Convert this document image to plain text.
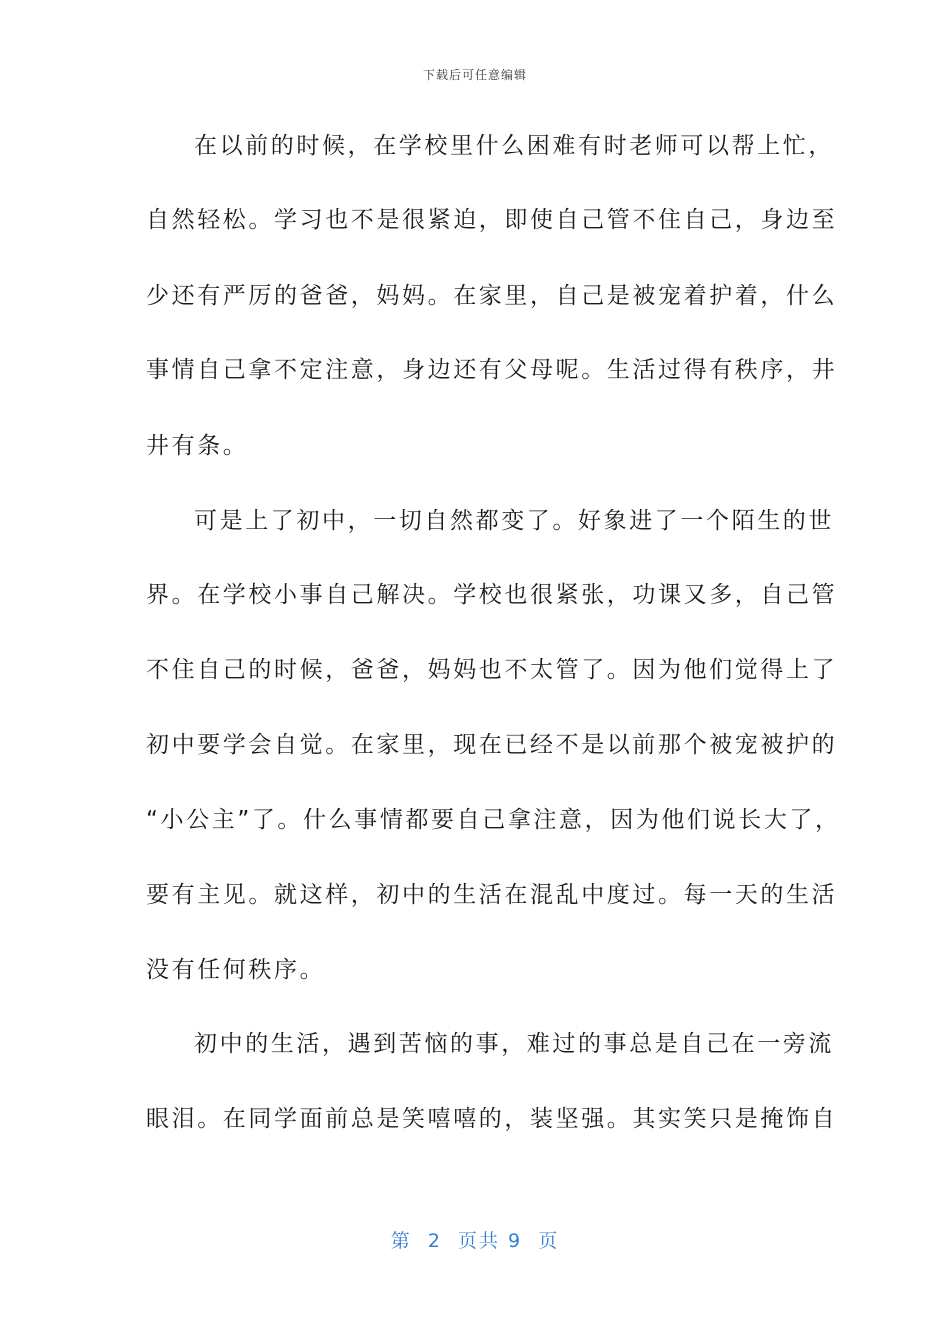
下载后可任意编辑
在以前的时候，在学校里什么困难有时老师可以帮上忙，
自然轻松。学习也不是很紧迫，即使自己管不住自己，身边至
少还有严厉的爸爸，妈妈。在家里，自己是被宠着护着，什么
事情自己拿不定注意，身边还有父母呢。生活过得有秩序，井
井有条。
可是上了初中，一切自然都变了。好象进了一个陌生的世
界。在学校小事自己解决。学校也很紧张，功课又多，自己管
不住自己的时候，爸爸，妈妈也不太管了。因为他们觉得上了
初中要学会自觉。在家里，现在已经不是以前那个被宠被护的
“小公主”了。什么事情都要自己拿注意，因为他们说长大了，
要有主见。就这样，初中的生活在混乱中度过。每一天的生活
没有任何秩序。
初中的生活，遇到苦恼的事，难过的事总是自己在一旁流
眼泪。在同学面前总是笑嘻嘻的，装坚强。其实笑只是掩饰自
第  2  页共 9  页
